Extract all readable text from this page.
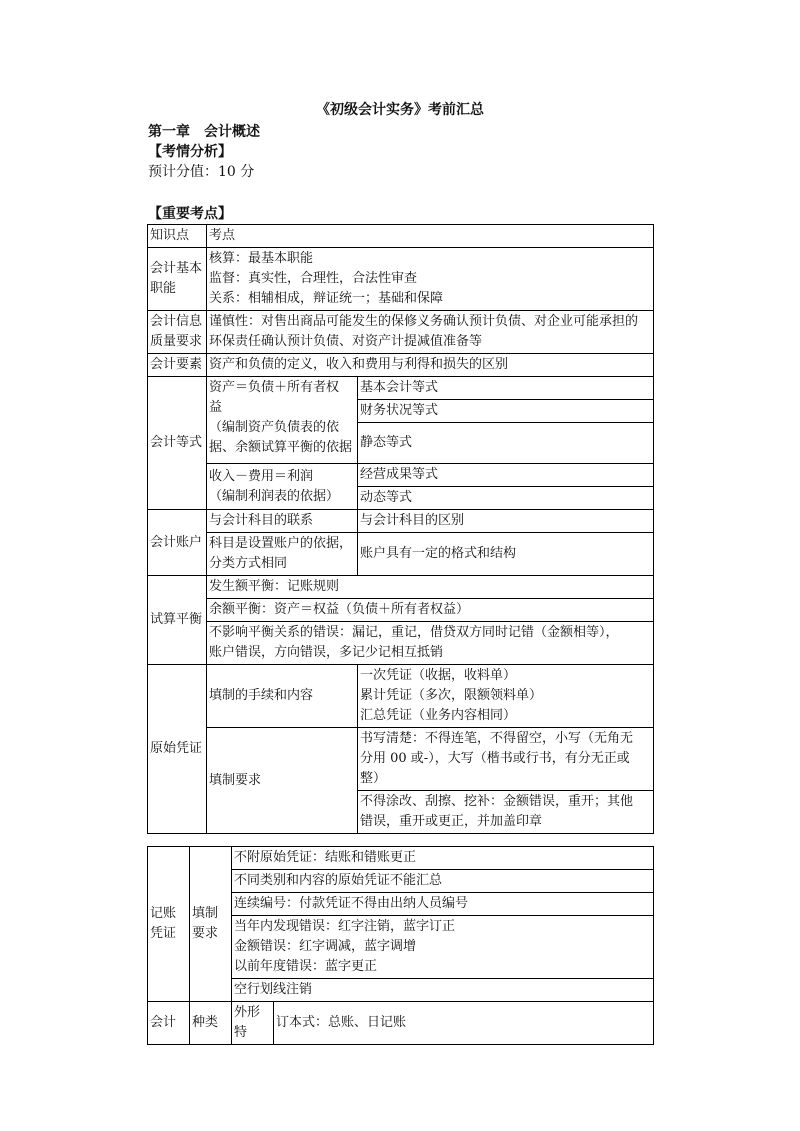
《初级会计实务》考前汇总
第一章　会计概述
【考情分析】
预计分值：10 分
【重要考点】
知识点	考点	

会计基本
职能	核算：最基本职能
监督：真实性，合理性，合法性审查
关系：相辅相成，辩证统一；基础和保障	

会计信息
质量要求	谨慎性：对售出商品可能发生的保修义务确认预计负债、对企业可能承担的
环保责任确认预计负债、对资产计提减值准备等	

会计要素	资产和负债的定义，收入和费用与利得和损失的区别	
会计等式	资产＝负债＋所有者权
益
（编制资产负债表的依
据、余额试算平衡的依据	基本会计等式
		财务状况等式
		静态等式

	收入－费用＝利润
（编制利润表的依据）	经营成果等式
		动态等式
会计账户	与会计科目的联系	与会计科目的区别

	科目是设置账户的依据，
分类方式相同	账户具有一定的格式和结构
试算平衡	发生额平衡：记账规则	
	余额平衡：资产＝权益（负债＋所有者权益）	

	不影响平衡关系的错误：漏记，重记，借贷双方同时记错（金额相等），
账户错误，方向错误，多记少记相互抵销	

原始凭证	填制的手续和内容	一次凭证（收据，收料单）
累计凭证（多次，限额领料单）
汇总凭证（业务内容相同）

	填制要求	书写清楚：不得连笔，不得留空，小写（无角无
分用 00 或-），大写（楷书或行书，有分无正或
整）

		不得涂改、刮擦、挖补：金额错误，重开；其他
错误，重开或更正，并加盖印章
记账
凭证	填制
要求	不附原始凭证：结账和错账更正	
		不同类别和内容的原始凭证不能汇总	
		连续编号：付款凭证不得由出纳人员编号	

		当年内发现错误：红字注销，蓝字订正
金额错误：红字调减，蓝字调增
以前年度错误：蓝字更正	

		空行划线注销	
会计	种类	外形特	订本式：总账、日记账
